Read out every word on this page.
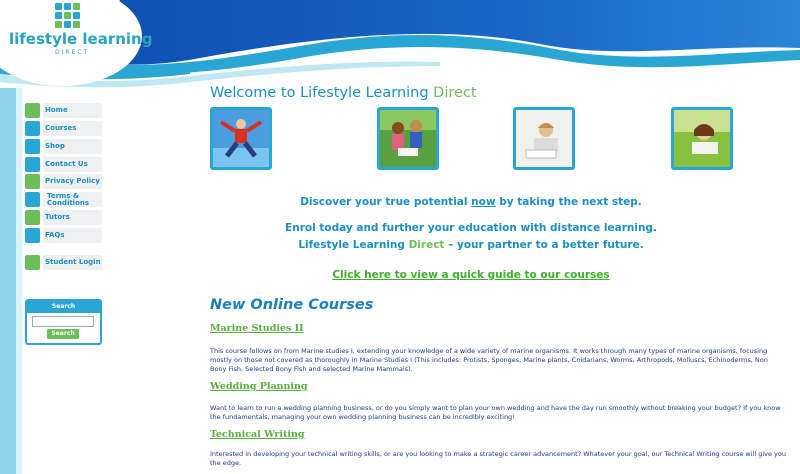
lifestyle learning
DIRECT
Home
Courses
Shop
Contact Us
Privacy Policy
Terms & Conditions
Tutors
FAQs
Student Login
Search
Search
Welcome to Lifestyle Learning Direct
Discover your true potential now by taking the next step.
Enrol today and further your education with distance learning.
Lifestyle Learning Direct – your partner to a better future.
Click here to view a quick guide to our courses
New Online Courses
Marine Studies II
This course follows on from Marine studies I, extending your knowledge of a wide variety of marine organisms. It works through many types of marine organisms, focusing mostly on those not covered as thoroughly in Marine Studies I (This includes: Protists, Sponges, Marine plants, Cnidarians, Worms, Arthropods, Molluscs, Echinoderms, Non Bony Fish, Selected Bony Fish and selected Marine Mammals).
Wedding Planning
Want to learn to run a wedding planning business, or do you simply want to plan your own wedding and have the day run smoothly without breaking your budget? If you know the fundamentals, managing your own wedding planning business can be incredibly exciting!
Technical Writing
Interested in developing your technical writing skills, or are you looking to make a strategic career advancement? Whatever your goal, our Technical Writing course will give you the edge.
